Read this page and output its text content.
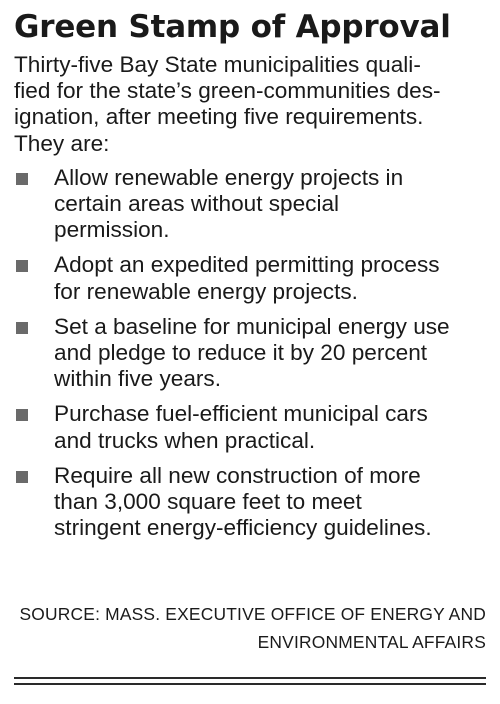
Green Stamp of Approval
Thirty-five Bay State municipalities quali-
fied for the state’s green-communities des-
ignation, after meeting five requirements.
They are:
Allow renewable energy projects in
certain areas without special
permission.
Adopt an expedited permitting process
for renewable energy projects.
Set a baseline for municipal energy use
and pledge to reduce it by 20 percent
within five years.
Purchase fuel-efficient municipal cars
and trucks when practical.
Require all new construction of more
than 3,000 square feet to meet
stringent energy-efficiency guidelines.
SOURCE: MASS. EXECUTIVE OFFICE OF ENERGY AND
ENVIRONMENTAL AFFAIRS
